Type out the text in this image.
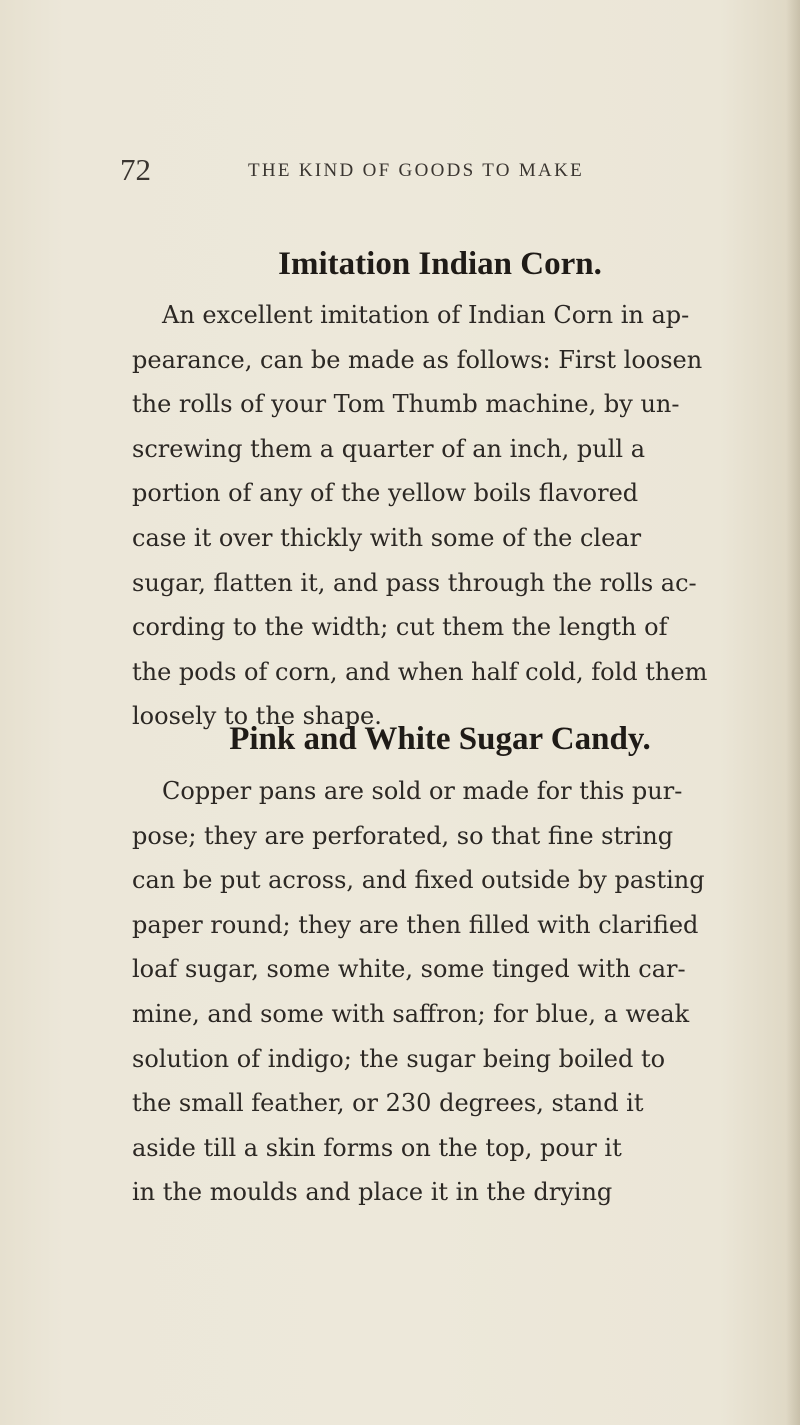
72	THE KIND OF GOODS TO MAKE
Imitation Indian Corn.

An excellent imitation of Indian Corn in ap-
pearance, can be made as follows: First loosen
the rolls of your Tom Thumb machine, by un-
screwing them a quarter of an inch, pull a
portion of any of the yellow boils flavored
case it over thickly with some of the clear
sugar, flatten it, and pass through the rolls ac-
cording to the width; cut them the length of
the pods of corn, and when half cold, fold them
loosely to the shape.

Pink and White Sugar Candy.

Copper pans are sold or made for this pur-
pose; they are perforated, so that fine string
can be put across, and fixed outside by pasting
paper round; they are then filled with clarified
loaf sugar, some white, some tinged with car-
mine, and some with saffron; for blue, a weak
solution of indigo; the sugar being boiled to
the small feather, or 230 degrees, stand it
aside till a skin forms on the top, pour it
in the moulds and place it in the drying
